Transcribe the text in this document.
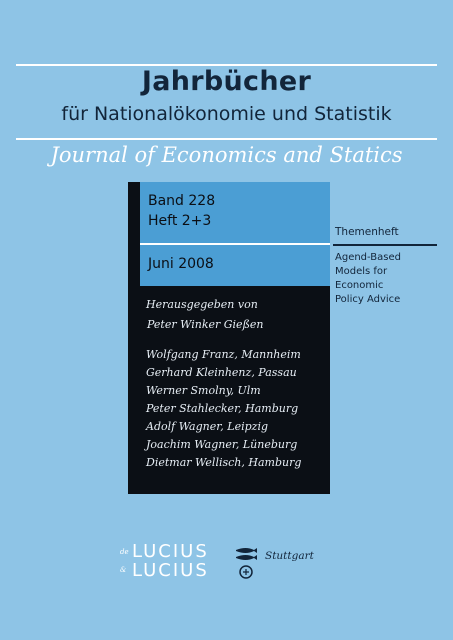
Jahrbücher
für Nationalökonomie und Statistik
Journal of Economics and Statics
Band 228
Heft 2+3
Juni 2008
Herausgegeben von
Peter Winker Gießen
Wolfgang Franz, Mannheim
Gerhard Kleinhenz, Passau
Werner Smolny, Ulm
Peter Stahlecker, Hamburg
Adolf Wagner, Leipzig
Joachim Wagner, Lüneburg
Dietmar Wellisch, Hamburg
Themenheft
Agend-Based
Models for
Economic
Policy Advice
de LUCIUS
& LUCIUS
Stuttgart
